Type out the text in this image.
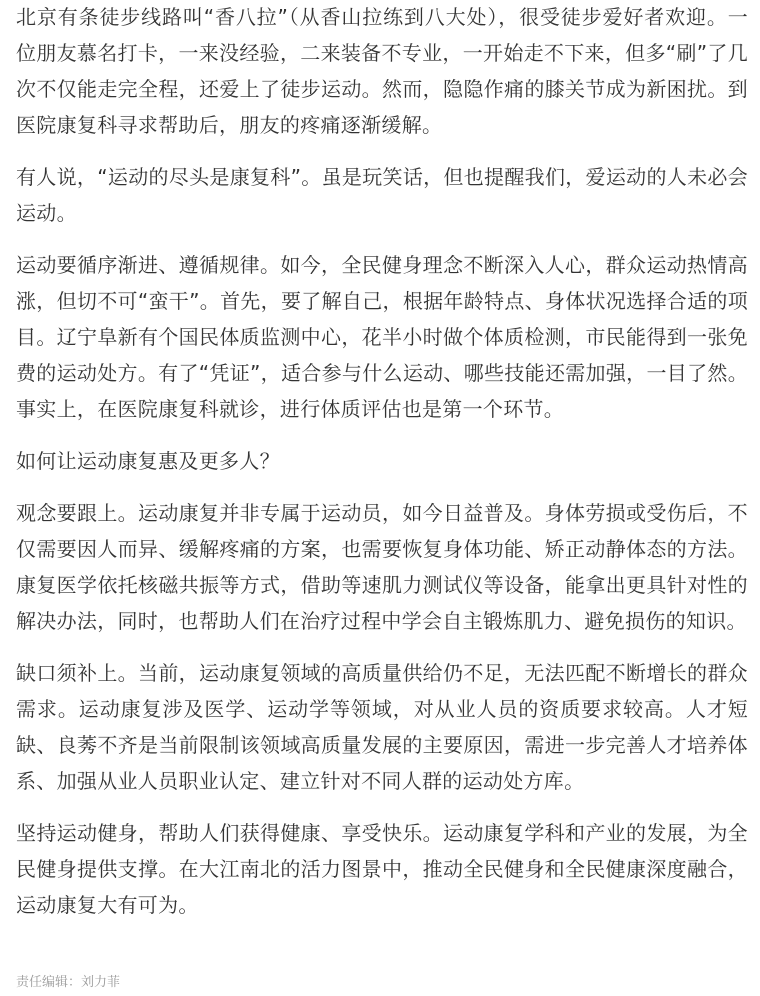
北京有条徒步线路叫“香八拉”（从香山拉练到八大处），很受徒步爱好者欢迎。一位朋友慕名打卡，一来没经验，二来装备不专业，一开始走不下来，但多“刷”了几次不仅能走完全程，还爱上了徒步运动。然而，隐隐作痛的膝关节成为新困扰。到医院康复科寻求帮助后，朋友的疼痛逐渐缓解。

有人说，“运动的尽头是康复科”。虽是玩笑话，但也提醒我们，爱运动的人未必会运动。

运动要循序渐进、遵循规律。如今，全民健身理念不断深入人心，群众运动热情高涨，但切不可“蛮干”。首先，要了解自己，根据年龄特点、身体状况选择合适的项目。辽宁阜新有个国民体质监测中心，花半小时做个体质检测，市民能得到一张免费的运动处方。有了“凭证”，适合参与什么运动、哪些技能还需加强，一目了然。事实上，在医院康复科就诊，进行体质评估也是第一个环节。

如何让运动康复惠及更多人？

观念要跟上。运动康复并非专属于运动员，如今日益普及。身体劳损或受伤后，不仅需要因人而异、缓解疼痛的方案，也需要恢复身体功能、矫正动静体态的方法。康复医学依托核磁共振等方式，借助等速肌力测试仪等设备，能拿出更具针对性的解决办法，同时，也帮助人们在治疗过程中学会自主锻炼肌力、避免损伤的知识。

缺口须补上。当前，运动康复领域的高质量供给仍不足，无法匹配不断增长的群众需求。运动康复涉及医学、运动学等领域，对从业人员的资质要求较高。人才短缺、良莠不齐是当前限制该领域高质量发展的主要原因，需进一步完善人才培养体系、加强从业人员职业认定、建立针对不同人群的运动处方库。

坚持运动健身，帮助人们获得健康、享受快乐。运动康复学科和产业的发展，为全民健身提供支撑。在大江南北的活力图景中，推动全民健身和全民健康深度融合，运动康复大有可为。

责任编辑：刘力菲
